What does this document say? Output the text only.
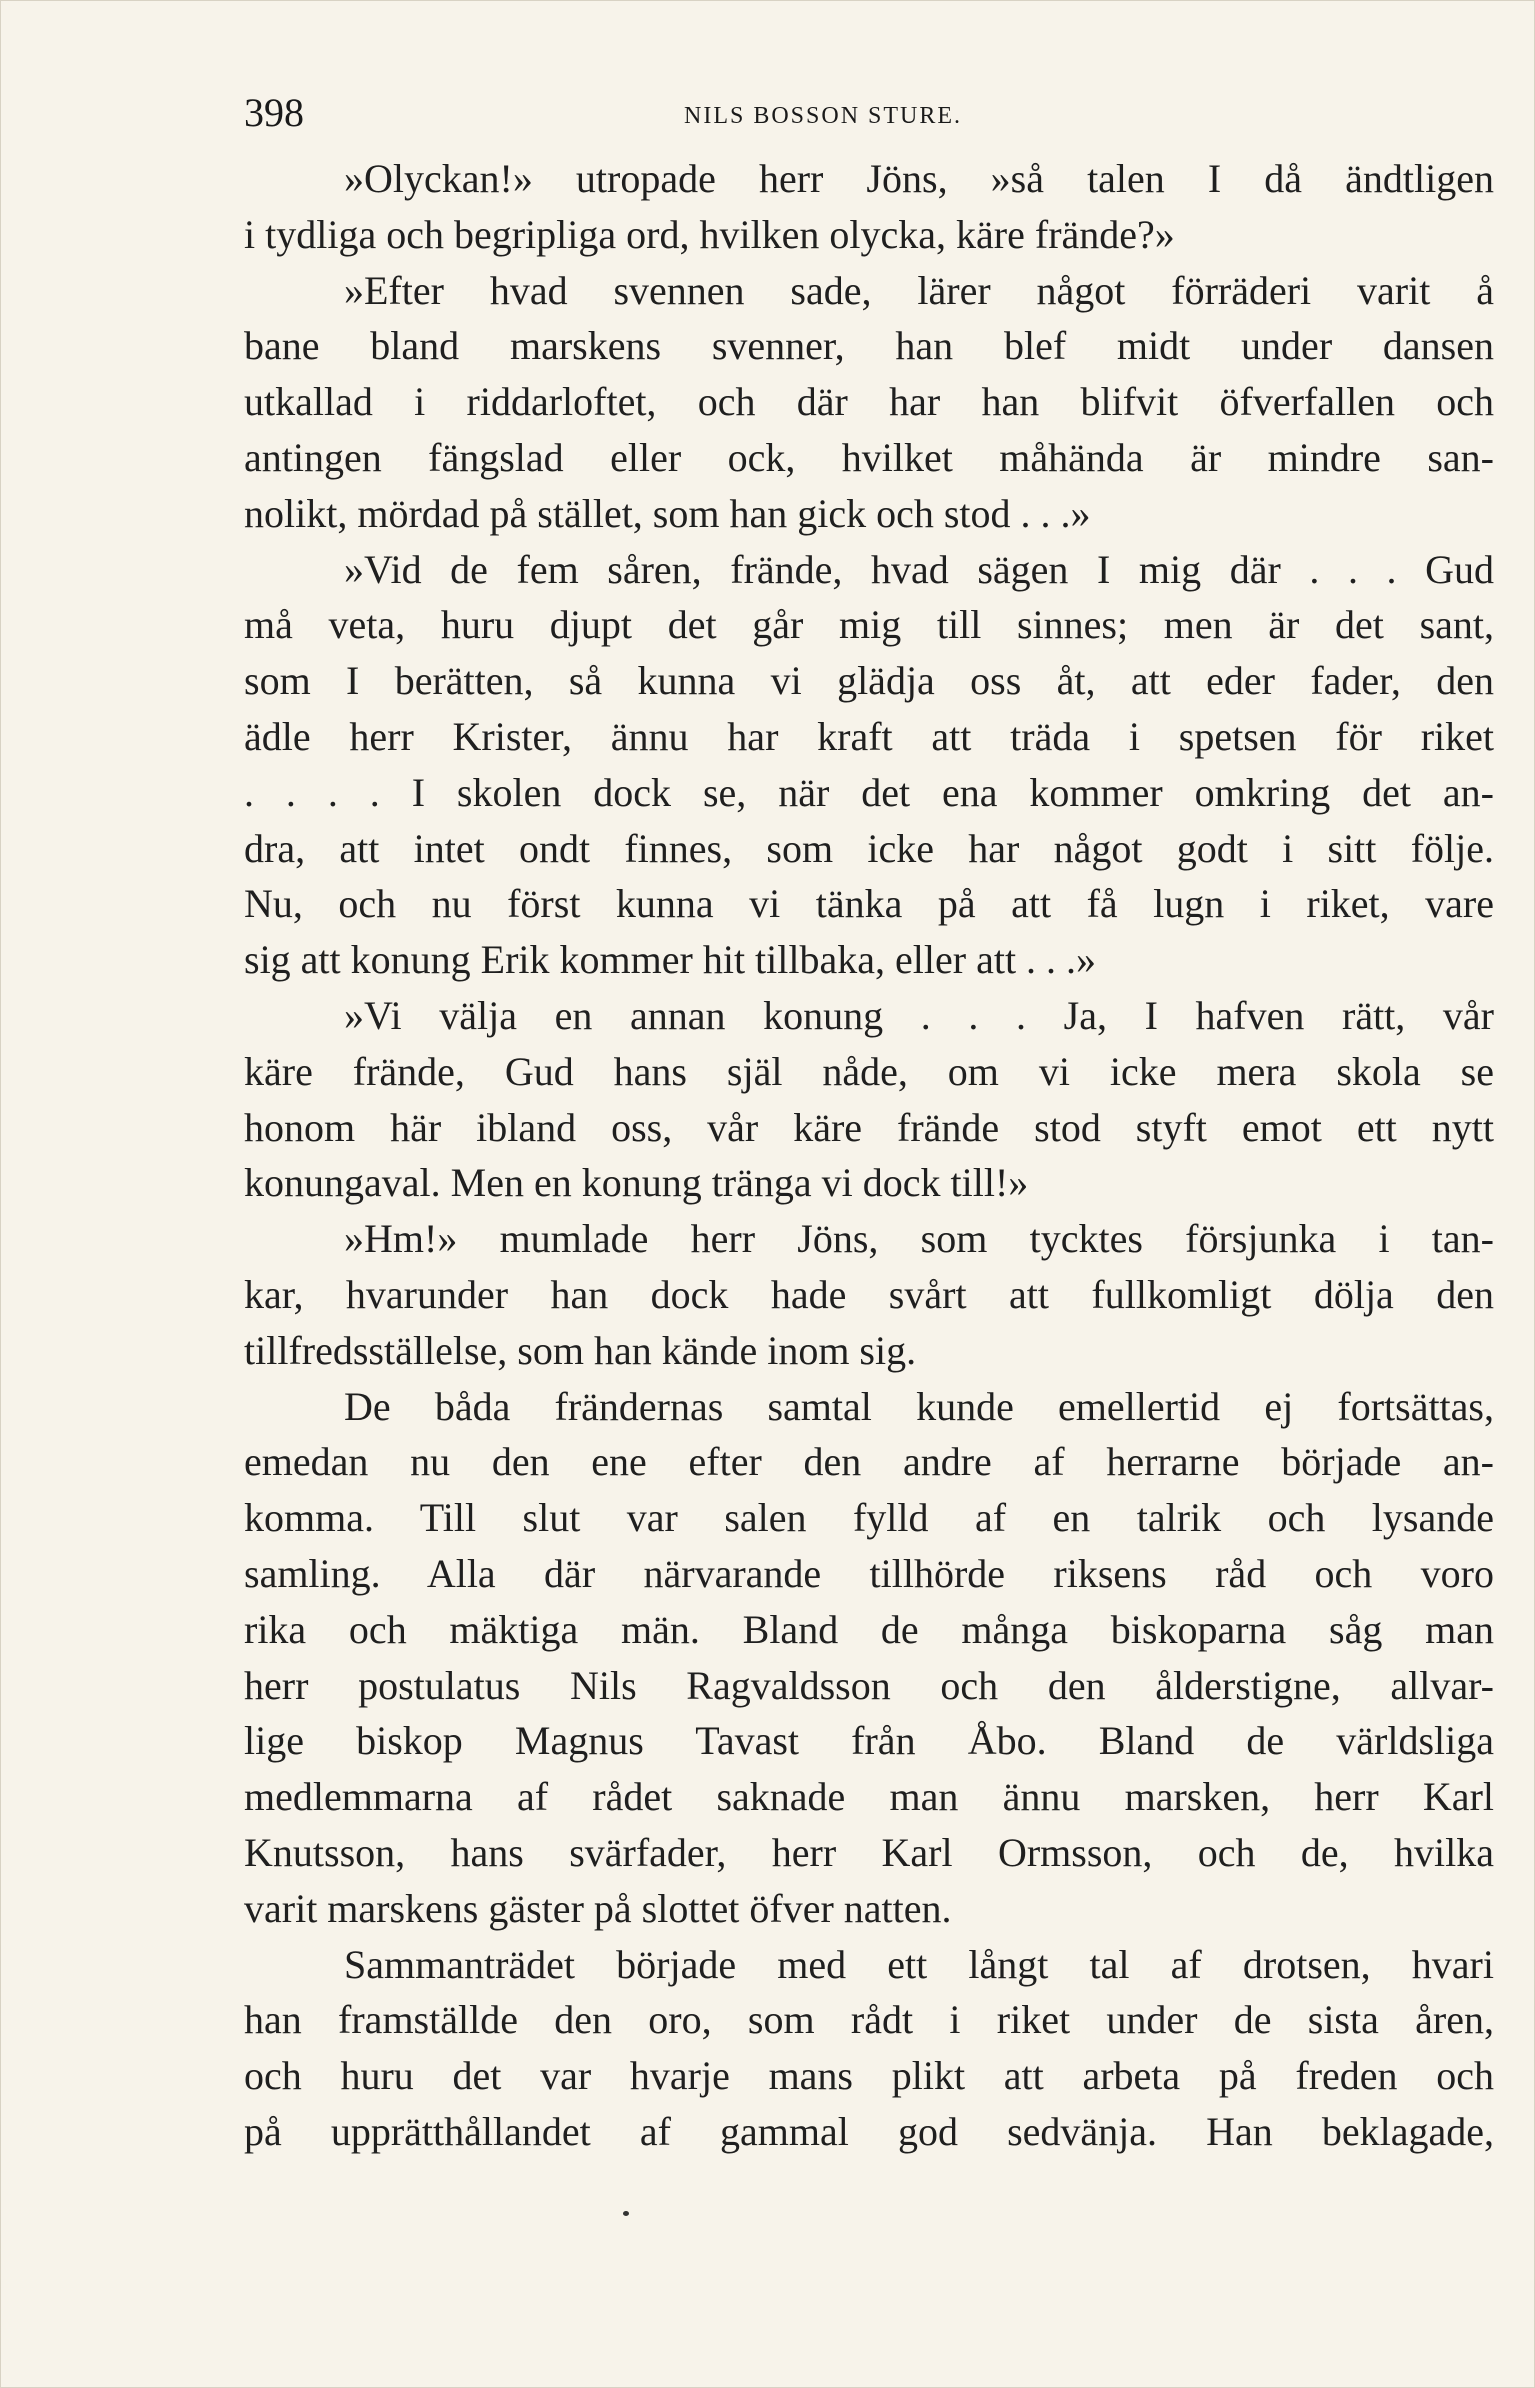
398	NILS BOSSON STURE.
»Olyckan!» utropade herr Jöns, »så talen I då ändtligen
i tydliga och begripliga ord, hvilken olycka, käre frände?»
»Efter hvad svennen sade, lärer något förräderi varit å
bane bland marskens svenner, han blef midt under dansen
utkallad i riddarloftet, och där har han blifvit öfverfallen och
antingen fängslad eller ock, hvilket måhända är mindre san-
nolikt, mördad på stället, som han gick och stod . . .»
»Vid de fem såren, frände, hvad sägen I mig där . . . Gud
må veta, huru djupt det går mig till sinnes; men är det sant,
som I berätten, så kunna vi glädja oss åt, att eder fader, den
ädle herr Krister, ännu har kraft att träda i spetsen för riket
. . . . I skolen dock se, när det ena kommer omkring det an-
dra, att intet ondt finnes, som icke har något godt i sitt följe.
Nu, och nu först kunna vi tänka på att få lugn i riket, vare
sig att konung Erik kommer hit tillbaka, eller att . . .»
»Vi välja en annan konung . . . Ja, I hafven rätt, vår
käre frände, Gud hans själ nåde, om vi icke mera skola se
honom här ibland oss, vår käre frände stod styft emot ett nytt
konungaval. Men en konung tränga vi dock till!»
»Hm!» mumlade herr Jöns, som tycktes försjunka i tan-
kar, hvarunder han dock hade svårt att fullkomligt dölja den
tillfredsställelse, som han kände inom sig.
De båda frändernas samtal kunde emellertid ej fortsättas,
emedan nu den ene efter den andre af herrarne började an-
komma. Till slut var salen fylld af en talrik och lysande
samling. Alla där närvarande tillhörde riksens råd och voro
rika och mäktiga män. Bland de många biskoparna såg man
herr postulatus Nils Ragvaldsson och den ålderstigne, allvar-
lige biskop Magnus Tavast från Åbo. Bland de världsliga
medlemmarna af rådet saknade man ännu marsken, herr Karl
Knutsson, hans svärfader, herr Karl Ormsson, och de, hvilka
varit marskens gäster på slottet öfver natten.
Sammanträdet började med ett långt tal af drotsen, hvari
han framställde den oro, som rådt i riket under de sista åren,
och huru det var hvarje mans plikt att arbeta på freden och
på upprätthållandet af gammal god sedvänja. Han beklagade,
